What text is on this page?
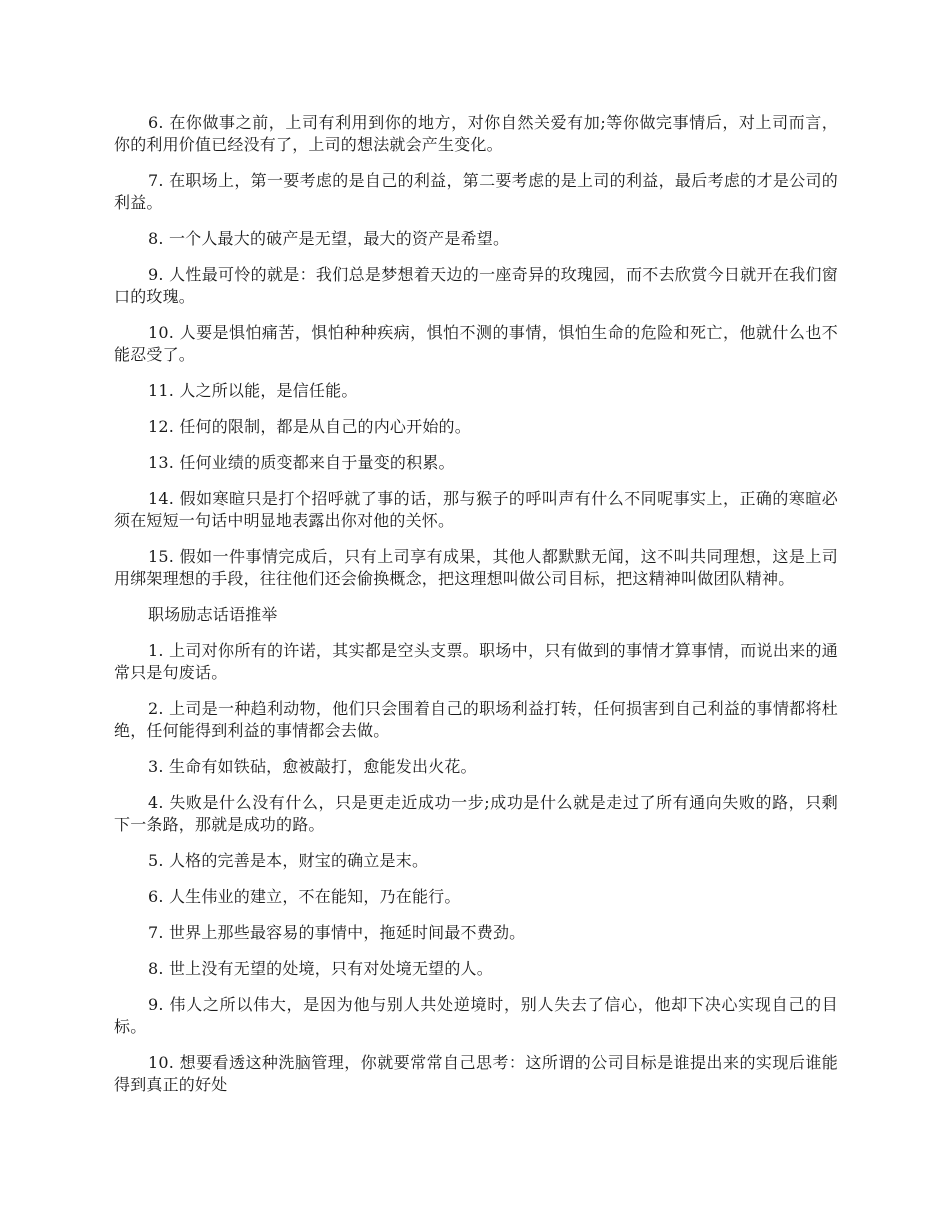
6. 在你做事之前，上司有利用到你的地方，对你自然关爱有加;等你做完事情后，对上司而言，你的利用价值已经没有了，上司的想法就会产生变化。

7. 在职场上，第一要考虑的是自己的利益，第二要考虑的是上司的利益，最后考虑的才是公司的利益。

8. 一个人最大的破产是无望，最大的资产是希望。

9. 人性最可怜的就是：我们总是梦想着天边的一座奇异的玫瑰园，而不去欣赏今日就开在我们窗口的玫瑰。

10. 人要是惧怕痛苦，惧怕种种疾病，惧怕不测的事情，惧怕生命的危险和死亡，他就什么也不能忍受了。

11. 人之所以能，是信任能。

12. 任何的限制，都是从自己的内心开始的。

13. 任何业绩的质变都来自于量变的积累。

14. 假如寒暄只是打个招呼就了事的话，那与猴子的呼叫声有什么不同呢事实上，正确的寒暄必须在短短一句话中明显地表露出你对他的关怀。

15. 假如一件事情完成后，只有上司享有成果，其他人都默默无闻，这不叫共同理想，这是上司用绑架理想的手段，往往他们还会偷换概念，把这理想叫做公司目标，把这精神叫做团队精神。

职场励志话语推举

1. 上司对你所有的许诺，其实都是空头支票。职场中，只有做到的事情才算事情，而说出来的通常只是句废话。

2. 上司是一种趋利动物，他们只会围着自己的职场利益打转，任何损害到自己利益的事情都将杜绝，任何能得到利益的事情都会去做。

3. 生命有如铁砧，愈被敲打，愈能发出火花。

4. 失败是什么没有什么，只是更走近成功一步;成功是什么就是走过了所有通向失败的路，只剩下一条路，那就是成功的路。

5. 人格的完善是本，财宝的确立是末。

6. 人生伟业的建立，不在能知，乃在能行。

7. 世界上那些最容易的事情中，拖延时间最不费劲。

8. 世上没有无望的处境，只有对处境无望的人。

9. 伟人之所以伟大，是因为他与别人共处逆境时，别人失去了信心，他却下决心实现自己的目标。

10. 想要看透这种洗脑管理，你就要常常自己思考：这所谓的公司目标是谁提出来的实现后谁能得到真正的好处
